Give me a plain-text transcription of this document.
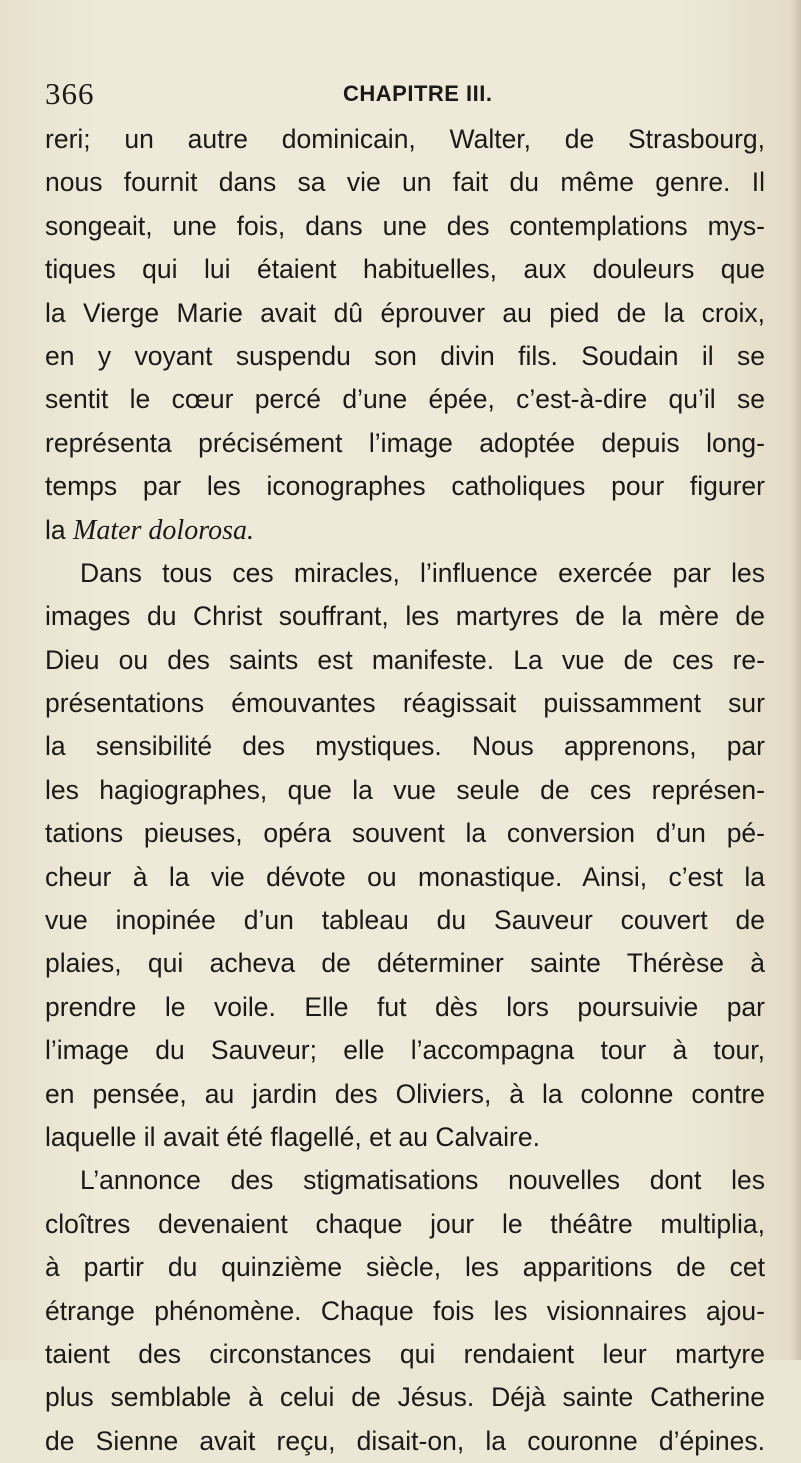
366	CHAPITRE III.
reri; un autre dominicain, Walter, de Strasbourg,
nous fournit dans sa vie un fait du même genre. Il
songeait, une fois, dans une des contemplations mys-
tiques qui lui étaient habituelles, aux douleurs que
la Vierge Marie avait dû éprouver au pied de la croix,
en y voyant suspendu son divin fils. Soudain il se
sentit le cœur percé d’une épée, c’est-à-dire qu’il se
représenta précisément l’image adoptée depuis long-
temps par les iconographes catholiques pour figurer
la Mater dolorosa.
Dans tous ces miracles, l’influence exercée par les
images du Christ souffrant, les martyres de la mère de
Dieu ou des saints est manifeste. La vue de ces re-
présentations émouvantes réagissait puissamment sur
la sensibilité des mystiques. Nous apprenons, par
les hagiographes, que la vue seule de ces représen-
tations pieuses, opéra souvent la conversion d’un pé-
cheur à la vie dévote ou monastique. Ainsi, c’est la
vue inopinée d’un tableau du Sauveur couvert de
plaies, qui acheva de déterminer sainte Thérèse à
prendre le voile. Elle fut dès lors poursuivie par
l’image du Sauveur; elle l’accompagna tour à tour,
en pensée, au jardin des Oliviers, à la colonne contre
laquelle il avait été flagellé, et au Calvaire.
L’annonce des stigmatisations nouvelles dont les
cloîtres devenaient chaque jour le théâtre multiplia,
à partir du quinzième siècle, les apparitions de cet
étrange phénomène. Chaque fois les visionnaires ajou-
taient des circonstances qui rendaient leur martyre
plus semblable à celui de Jésus. Déjà sainte Catherine
de Sienne avait reçu, disait-on, la couronne d’épines.
